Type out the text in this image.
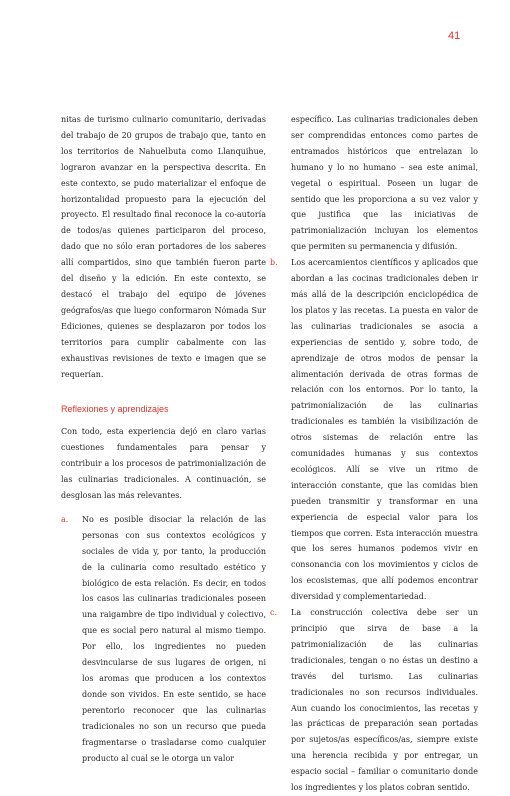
41

nitas de turismo culinario comunitario, derivadas del trabajo de 20 grupos de trabajo que, tanto en los territorios de Nahuelbuta como Llanquihue, lograron avanzar en la perspectiva descrita. En este contexto, se pudo materializar el enfoque de horizontalidad propuesto para la ejecución del proyecto. El resultado final reconoce la co-autoría de todos/as quienes participaron del proceso, dado que no sólo eran portadores de los saberes allí compartidos, sino que también fueron parte del diseño y la edición. En este contexto, se destacó el trabajo del equipo de jóvenes geógrafos/as que luego conformaron Nómada Sur Ediciones, quienes se desplazaron por todos los territorios para cumplir cabalmente con las exhaustivas revisiones de texto e imagen que se requerían.

Reflexiones y aprendizajes

Con todo, esta experiencia dejó en claro varias cuestiones fundamentales para pensar y contribuir a los procesos de patrimonialización de las culinarias tradicionales. A continuación, se desglosan las más relevantes.

a. No es posible disociar la relación de las personas con sus contextos ecológicos y sociales de vida y, por tanto, la producción de la culinaria como resultado estético y biológico de esta relación. Es decir, en todos los casos las culinarias tradicionales poseen una raigambre de tipo individual y colectivo, que es social pero natural al mismo tiempo. Por ello, los ingredientes no pueden desvincularse de sus lugares de origen, ni los aromas que producen a los contextos donde son vividos. En este sentido, se hace perentorio reconocer que las culinarias tradicionales no son un recurso que pueda fragmentarse o trasladarse como cualquier producto al cual se le otorga un valor

específico. Las culinarias tradicionales deben ser comprendidas entonces como partes de entramados históricos que entrelazan lo humano y lo no humano – sea este animal, vegetal o espiritual. Poseen un lugar de sentido que les proporciona a su vez valor y que justifica que las iniciativas de patrimonialización incluyan los elementos que permiten su permanencia y difusión.

b. Los acercamientos científicos y aplicados que abordan a las cocinas tradicionales deben ir más allá de la descripción enciclopédica de los platos y las recetas. La puesta en valor de las culinarias tradicionales se asocia a experiencias de sentido y, sobre todo, de aprendizaje de otros modos de pensar la alimentación derivada de otras formas de relación con los entornos. Por lo tanto, la patrimonialización de las culinarias tradicionales es también la visibilización de otros sistemas de relación entre las comunidades humanas y sus contextos ecológicos. Allí se vive un ritmo de interacción constante, que las comidas bien pueden transmitir y transformar en una experiencia de especial valor para los tiempos que corren. Esta interacción muestra que los seres humanos podemos vivir en consonancia con los movimientos y ciclos de los ecosistemas, que allí podemos encontrar diversidad y complementariedad.

c. La construcción colectiva debe ser un principio que sirva de base a la patrimonialización de las culinarias tradicionales, tengan o no éstas un destino a través del turismo. Las culinarias tradicionales no son recursos individuales. Aun cuando los conocimientos, las recetas y las prácticas de preparación sean portadas por sujetos/as específicos/as, siempre existe una herencia recibida y por entregar, un espacio social – familiar o comunitario donde los ingredientes y los platos cobran sentido.
